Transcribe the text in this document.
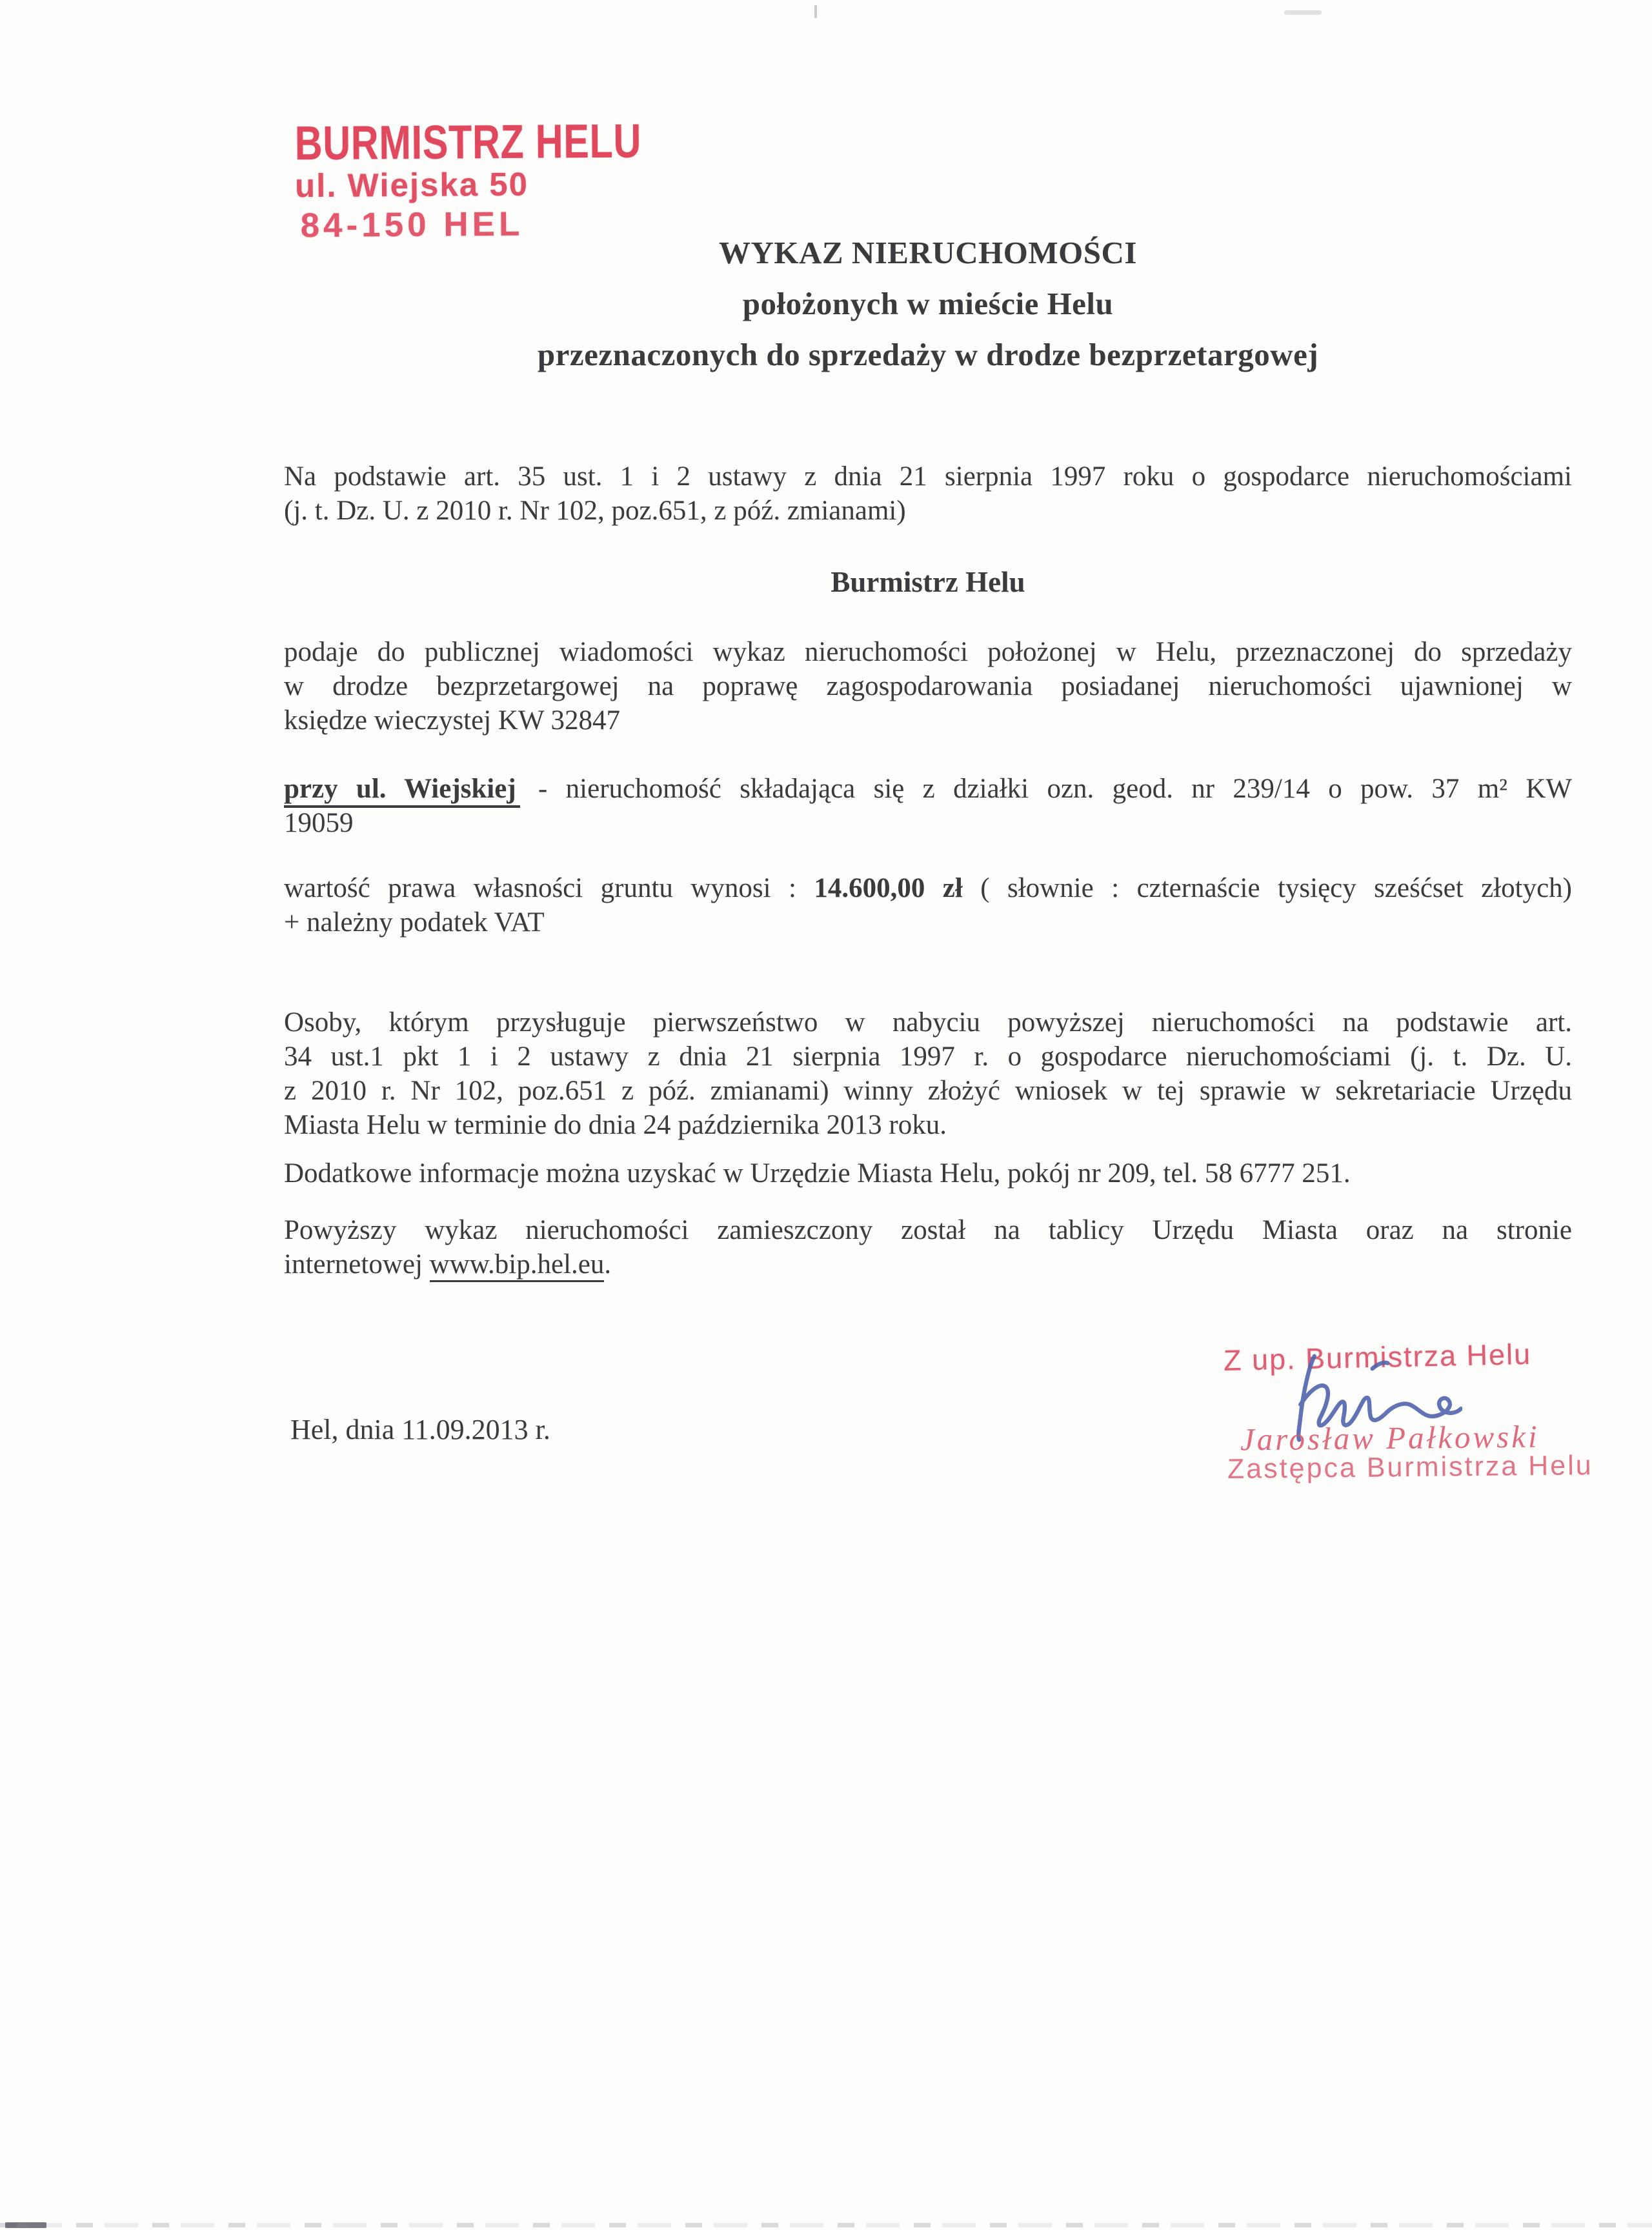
BURMISTRZ HELU
ul. Wiejska 50
84-150 HEL
WYKAZ NIERUCHOMOŚCI
położonych w mieście Helu
przeznaczonych do sprzedaży w drodze bezprzetargowej
Na podstawie art. 35 ust. 1 i 2 ustawy z dnia 21 sierpnia 1997 roku o gospodarce nieruchomościami
(j. t. Dz. U. z 2010 r. Nr 102, poz.651, z póź. zmianami)
Burmistrz Helu
podaje do publicznej wiadomości wykaz nieruchomości położonej w Helu, przeznaczonej do sprzedaży
w drodze bezprzetargowej na poprawę zagospodarowania posiadanej nieruchomości ujawnionej w
księdze wieczystej KW 32847
przy ul. Wiejskiej - nieruchomość składająca się z działki ozn. geod. nr 239/14 o pow. 37 m² KW
19059
wartość prawa własności gruntu wynosi : 14.600,00 zł ( słownie : czternaście tysięcy sześćset złotych)
+ należny podatek VAT
Osoby, którym przysługuje pierwszeństwo w nabyciu powyższej nieruchomości na podstawie art.
34 ust.1 pkt 1 i 2 ustawy z dnia 21 sierpnia 1997 r. o gospodarce nieruchomościami (j. t. Dz. U.
z 2010 r. Nr 102, poz.651 z póź. zmianami) winny złożyć wniosek w tej sprawie w sekretariacie Urzędu
Miasta Helu w terminie do dnia 24 października 2013 roku.
Dodatkowe informacje można uzyskać w Urzędzie Miasta Helu, pokój nr 209, tel. 58 6777 251.
Powyższy wykaz nieruchomości zamieszczony został na tablicy Urzędu Miasta oraz na stronie
internetowej www.bip.hel.eu.
Hel, dnia 11.09.2013 r.
Z up. Burmistrza Helu
Jarosław Pałkowski
Zastępca Burmistrza Helu
